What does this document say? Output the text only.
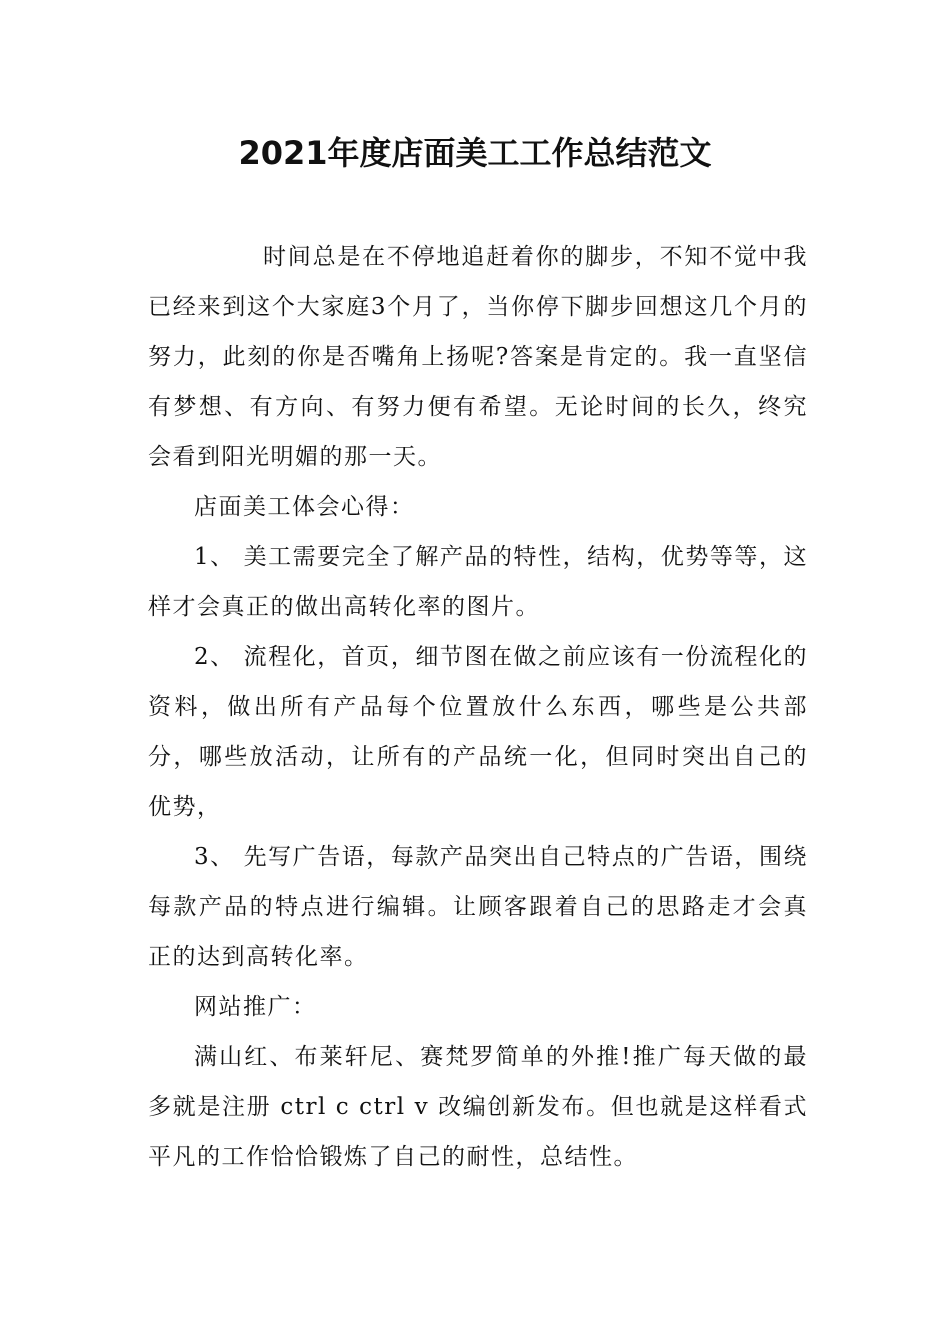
2021年度店面美工工作总结范文

时间总是在不停地追赶着你的脚步，不知不觉中我已经来到这个大家庭3个月了，当你停下脚步回想这几个月的努力，此刻的你是否嘴角上扬呢?答案是肯定的。我一直坚信有梦想、有方向、有努力便有希望。无论时间的长久，终究会看到阳光明媚的那一天。

店面美工体会心得：

1、 美工需要完全了解产品的特性，结构，优势等等，这样才会真正的做出高转化率的图片。

2、 流程化，首页，细节图在做之前应该有一份流程化的资料，做出所有产品每个位置放什么东西，哪些是公共部分，哪些放活动，让所有的产品统一化，但同时突出自己的优势，

3、 先写广告语，每款产品突出自己特点的广告语，围绕每款产品的特点进行编辑。让顾客跟着自己的思路走才会真正的达到高转化率。

网站推广：

满山红、布莱轩尼、赛梵罗简单的外推!推广每天做的最多就是注册 ctrl c ctrl v 改编创新发布。但也就是这样看式平凡的工作恰恰锻炼了自己的耐性，总结性。
